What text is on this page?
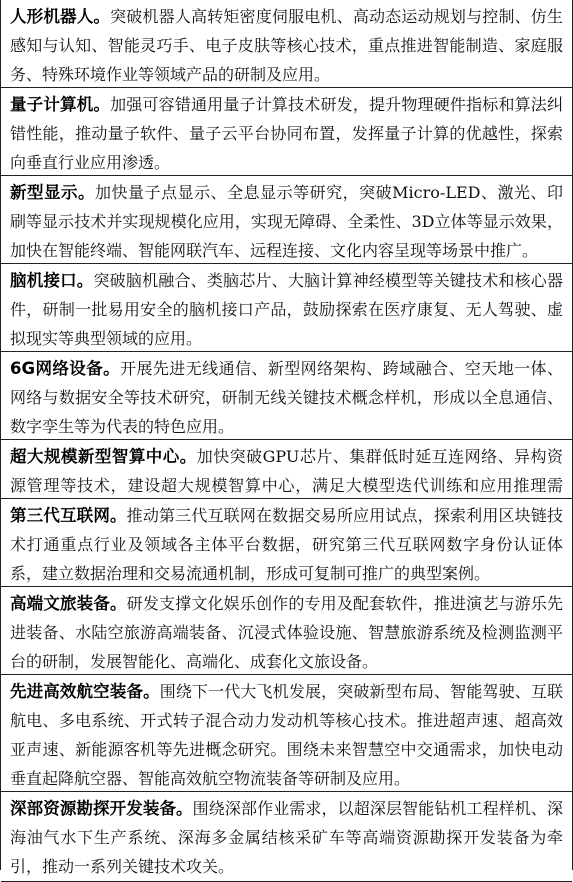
人形机器人。突破机器人高转矩密度伺服电机、高动态运动规划与控制、仿生感知与认知、智能灵巧手、电子皮肤等核心技术，重点推进智能制造、家庭服务、特殊环境作业等领域产品的研制及应用。
量子计算机。加强可容错通用量子计算技术研发，提升物理硬件指标和算法纠错性能，推动量子软件、量子云平台协同布置，发挥量子计算的优越性，探索向垂直行业应用渗透。
新型显示。加快量子点显示、全息显示等研究，突破Micro-LED、激光、印刷等显示技术并实现规模化应用，实现无障碍、全柔性、3D立体等显示效果，加快在智能终端、智能网联汽车、远程连接、文化内容呈现等场景中推广。
脑机接口。突破脑机融合、类脑芯片、大脑计算神经模型等关键技术和核心器件，研制一批易用安全的脑机接口产品，鼓励探索在医疗康复、无人驾驶、虚拟现实等典型领域的应用。
6G网络设备。开展先进无线通信、新型网络架构、跨域融合、空天地一体、网络与数据安全等技术研究，研制无线关键技术概念样机，形成以全息通信、数字孪生等为代表的特色应用。
超大规模新型智算中心。加快突破GPU芯片、集群低时延互连网络、异构资源管理等技术，建设超大规模智算中心，满足大模型迭代训练和应用推理需
第三代互联网。推动第三代互联网在数据交易所应用试点，探索利用区块链技术打通重点行业及领域各主体平台数据，研究第三代互联网数字身份认证体系，建立数据治理和交易流通机制，形成可复制可推广的典型案例。
高端文旅装备。研发支撑文化娱乐创作的专用及配套软件，推进演艺与游乐先进装备、水陆空旅游高端装备、沉浸式体验设施、智慧旅游系统及检测监测平台的研制，发展智能化、高端化、成套化文旅设备。
先进高效航空装备。围绕下一代大飞机发展，突破新型布局、智能驾驶、互联航电、多电系统、开式转子混合动力发动机等核心技术。推进超声速、超高效亚声速、新能源客机等先进概念研究。围绕未来智慧空中交通需求，加快电动垂直起降航空器、智能高效航空物流装备等研制及应用。
深部资源勘探开发装备。围绕深部作业需求，以超深层智能钻机工程样机、深海油气水下生产系统、深海多金属结核采矿车等高端资源勘探开发装备为牵引，推动一系列关键技术攻关。
